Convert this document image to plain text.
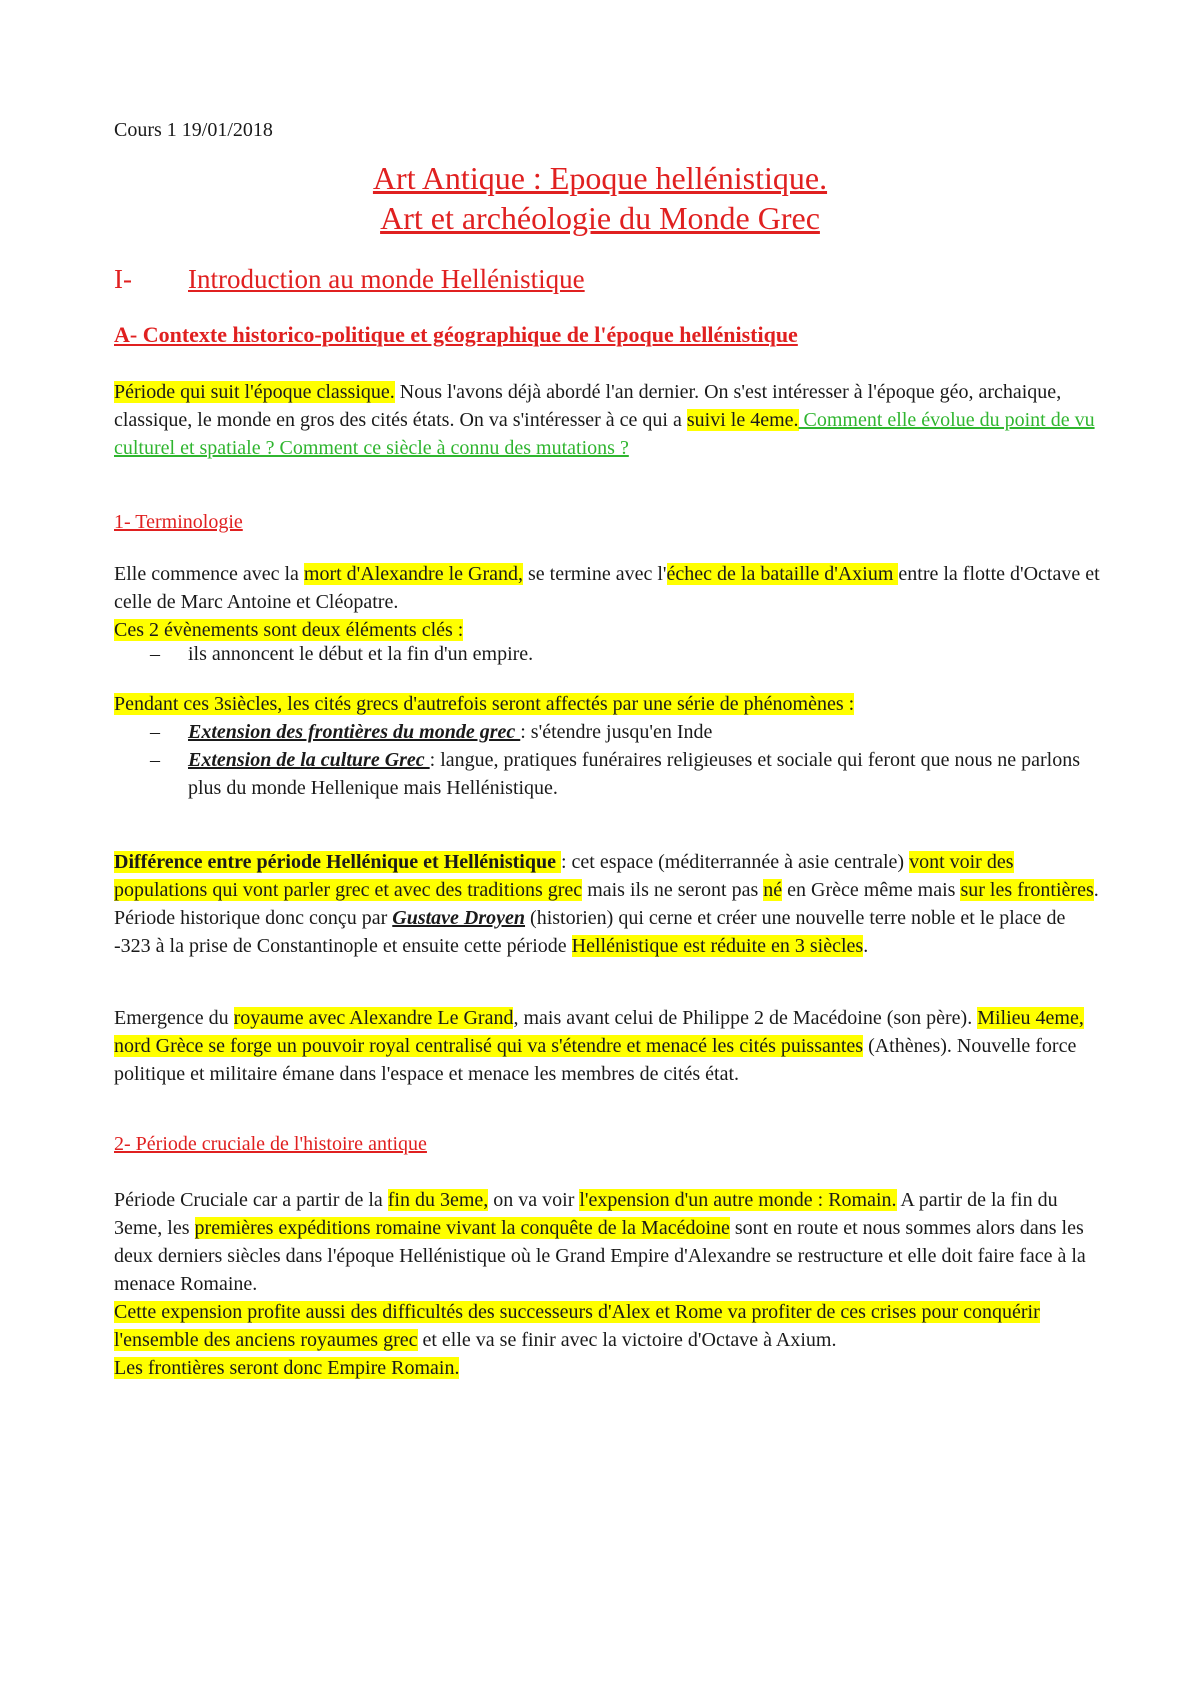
Cours 1 19/01/2018

Art Antique : Epoque hellénistique.

Art et archéologie du Monde Grec

I- Introduction au monde Hellénistique

A- Contexte historico-politique et géographique de l'époque hellénistique

Période qui suit l'époque classique. Nous l'avons déjà abordé l'an dernier. On s'est intéresser à l'époque géo, archaique, classique, le monde en gros des cités états. On va s'intéresser à ce qui a suivi le 4eme. Comment elle évolue du point de vu culturel et spatiale ? Comment ce siècle à connu des mutations ?

1- Terminologie

Elle commence avec la mort d'Alexandre le Grand, se termine avec l'échec de la bataille d'Axium entre la flotte d'Octave et celle de Marc Antoine et Cléopatre.
Ces 2 évènements sont deux éléments clés :

–	ils annoncent le début et la fin d'un empire.

Pendant ces 3siècles, les cités grecs d'autrefois seront affectés par une série de phénomènes :

–	Extension des frontières du monde grec : s'étendre jusqu'en Inde
–	Extension de la culture Grec : langue, pratiques funéraires religieuses et sociale qui feront que nous ne parlons plus du monde Hellenique mais Hellénistique.

Différence entre période Hellénique et Hellénistique : cet espace (méditerrannée à asie centrale) vont voir des populations qui vont parler grec et avec des traditions grec mais ils ne seront pas né en Grèce même mais sur les frontières. Période historique donc conçu par Gustave Droyen (historien) qui cerne et créer une nouvelle terre noble et le place de -323 à la prise de Constantinople et ensuite cette période Hellénistique est réduite en 3 siècles.

Emergence du royaume avec Alexandre Le Grand, mais avant celui de Philippe 2 de Macédoine (son père). Milieu 4eme, nord Grèce se forge un pouvoir royal centralisé qui va s'étendre et menacé les cités puissantes (Athènes). Nouvelle force politique et militaire émane dans l'espace et menace les membres de cités état.

2- Période cruciale de l'histoire antique

Période Cruciale car a partir de la fin du 3eme, on va voir l'expension d'un autre monde : Romain. A partir de la fin du 3eme, les premières expéditions romaine vivant la conquête de la Macédoine sont en route et nous sommes alors dans les deux derniers siècles dans l'époque Hellénistique où le Grand Empire d'Alexandre se restructure et elle doit faire face à la menace Romaine.
Cette expension profite aussi des difficultés des successeurs d'Alex et Rome va profiter de ces crises pour conquérir l'ensemble des anciens royaumes grec et elle va se finir avec la victoire d'Octave à Axium.
Les frontières seront donc Empire Romain.
